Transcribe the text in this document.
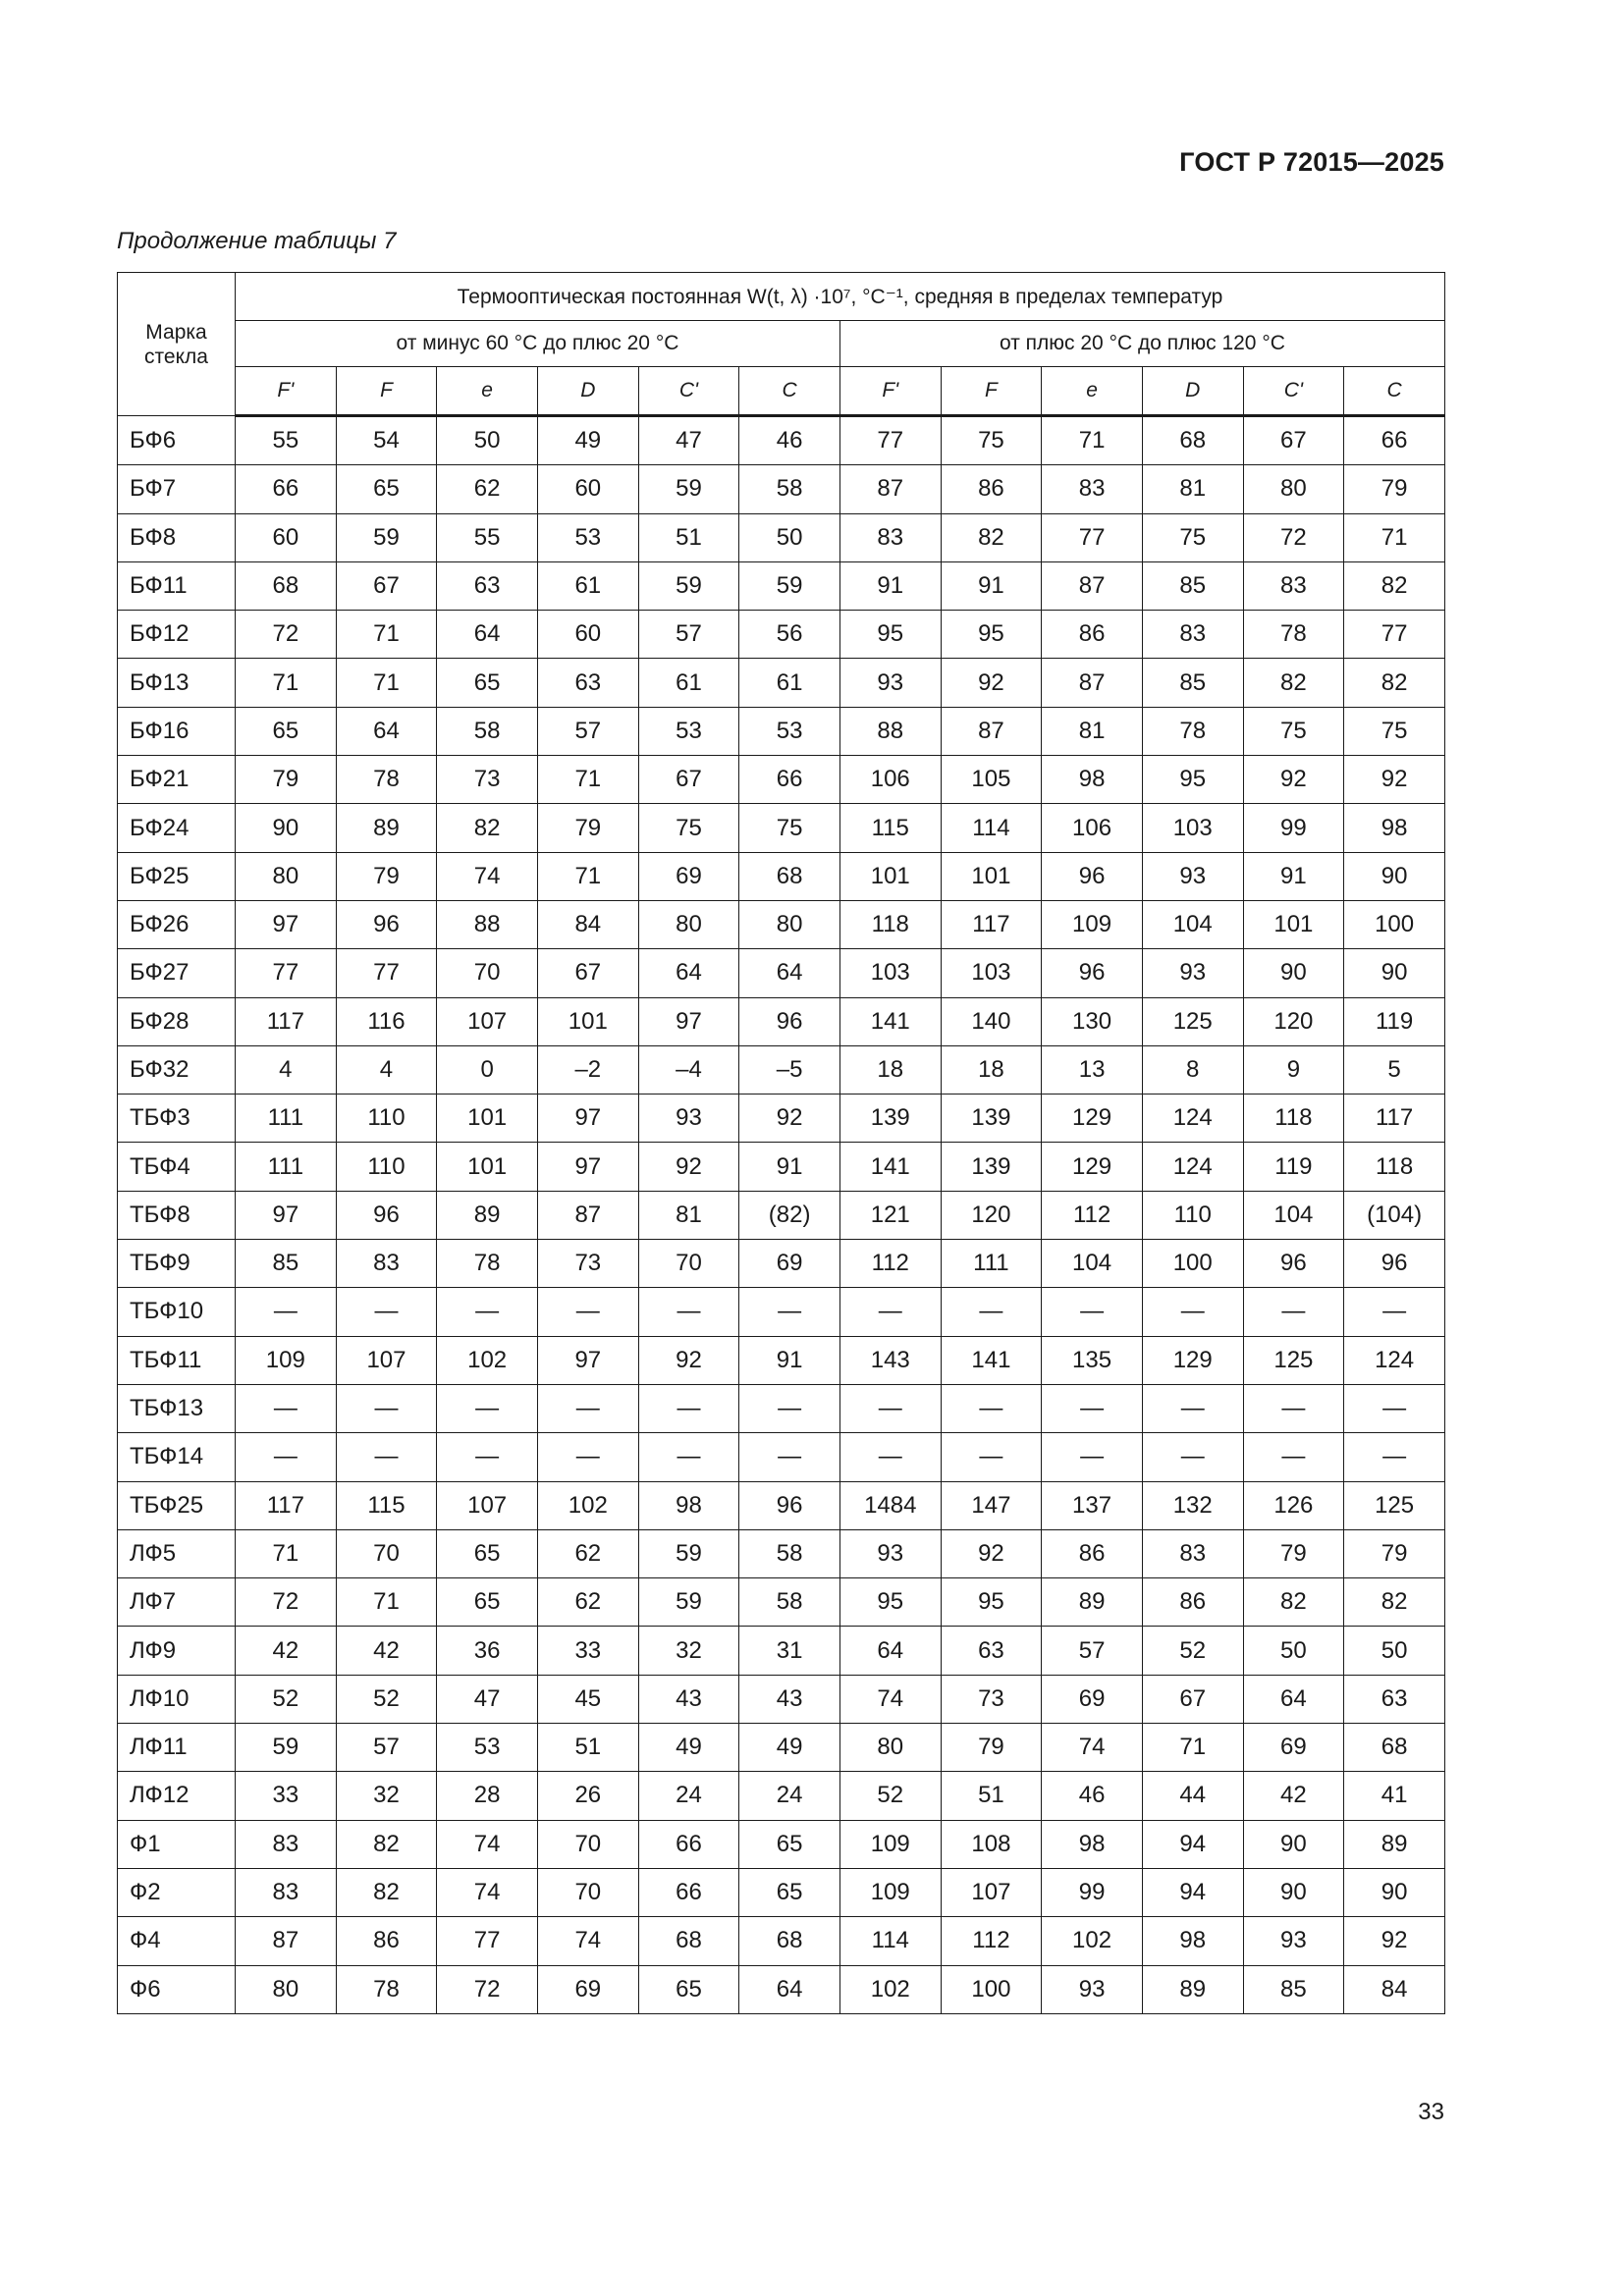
ГОСТ Р 72015—2025
Продолжение таблицы 7
Марка стекла	Термооптическая постоянная W(t, λ) ·10⁷, °С⁻¹, средняя в пределах температур											
	от минус 60 °С до плюс 20 °С						от плюс 20 °С до плюс 120 °С					
	F'	F	e	D	C'	C	F'	F	e	D	C'	C
БФ6	55	54	50	49	47	46	77	75	71	68	67	66
БФ7	66	65	62	60	59	58	87	86	83	81	80	79
БФ8	60	59	55	53	51	50	83	82	77	75	72	71
БФ11	68	67	63	61	59	59	91	91	87	85	83	82
БФ12	72	71	64	60	57	56	95	95	86	83	78	77
БФ13	71	71	65	63	61	61	93	92	87	85	82	82
БФ16	65	64	58	57	53	53	88	87	81	78	75	75
БФ21	79	78	73	71	67	66	106	105	98	95	92	92
БФ24	90	89	82	79	75	75	115	114	106	103	99	98
БФ25	80	79	74	71	69	68	101	101	96	93	91	90
БФ26	97	96	88	84	80	80	118	117	109	104	101	100
БФ27	77	77	70	67	64	64	103	103	96	93	90	90
БФ28	117	116	107	101	97	96	141	140	130	125	120	119
БФ32	4	4	0	–2	–4	–5	18	18	13	8	9	5
ТБФ3	111	110	101	97	93	92	139	139	129	124	118	117
ТБФ4	111	110	101	97	92	91	141	139	129	124	119	118
ТБФ8	97	96	89	87	81	(82)	121	120	112	110	104	(104)
ТБФ9	85	83	78	73	70	69	112	111	104	100	96	96
ТБФ10	—	—	—	—	—	—	—	—	—	—	—	—
ТБФ11	109	107	102	97	92	91	143	141	135	129	125	124
ТБФ13	—	—	—	—	—	—	—	—	—	—	—	—
ТБФ14	—	—	—	—	—	—	—	—	—	—	—	—
ТБФ25	117	115	107	102	98	96	1484	147	137	132	126	125
ЛФ5	71	70	65	62	59	58	93	92	86	83	79	79
ЛФ7	72	71	65	62	59	58	95	95	89	86	82	82
ЛФ9	42	42	36	33	32	31	64	63	57	52	50	50
ЛФ10	52	52	47	45	43	43	74	73	69	67	64	63
ЛФ11	59	57	53	51	49	49	80	79	74	71	69	68
ЛФ12	33	32	28	26	24	24	52	51	46	44	42	41
Ф1	83	82	74	70	66	65	109	108	98	94	90	89
Ф2	83	82	74	70	66	65	109	107	99	94	90	90
Ф4	87	86	77	74	68	68	114	112	102	98	93	92
Ф6	80	78	72	69	65	64	102	100	93	89	85	84
33
